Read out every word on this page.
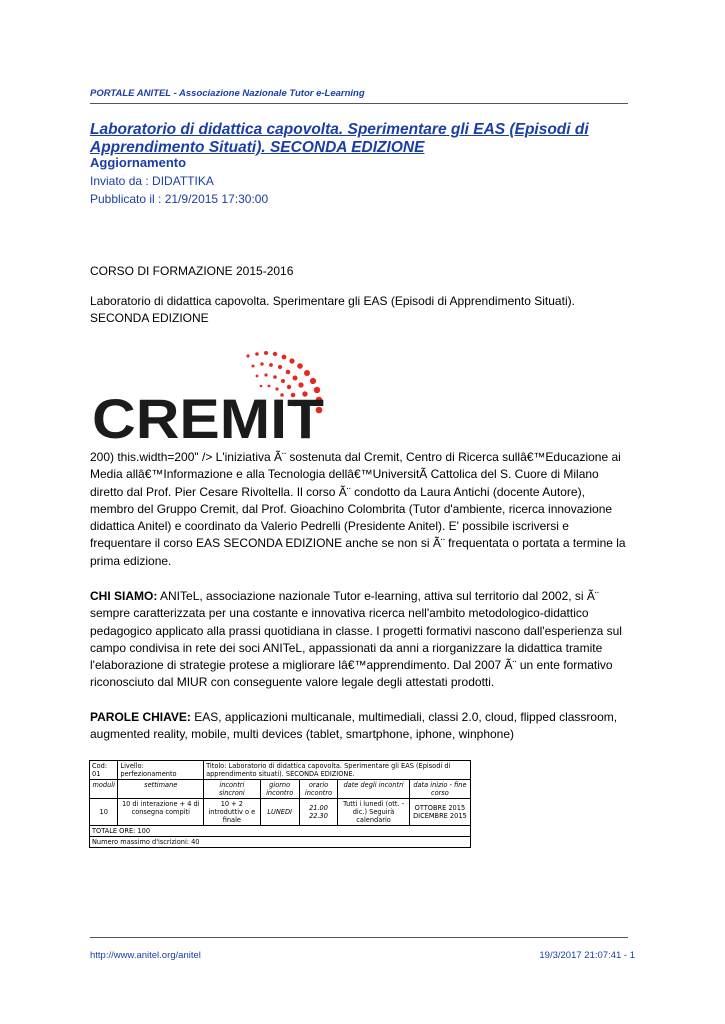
PORTALE ANITEL - Associazione Nazionale Tutor e-Learning
Laboratorio di didattica capovolta. Sperimentare gli EAS (Episodi di Apprendimento Situati). SECONDA EDIZIONE
Aggiornamento
Inviato da : DIDATTIKA
Pubblicato il : 21/9/2015 17:30:00
CORSO DI FORMAZIONE 2015-2016
Laboratorio di didattica capovolta. Sperimentare gli EAS (Episodi di Apprendimento Situati).
SECONDA EDIZIONE
CREMIT
200) this.width=200" /> L'iniziativa Ã¨ sostenuta dal Cremit, Centro di Ricerca sullâ€™Educazione ai Media allâ€™Informazione e alla Tecnologia dellâ€™UniversitÃ Cattolica del S. Cuore di Milano diretto dal Prof. Pier Cesare Rivoltella. Il corso Ã¨ condotto da Laura Antichi (docente Autore), membro del Gruppo Cremit, dal Prof. Gioachino Colombrita (Tutor d'ambiente, ricerca innovazione didattica Anitel) e coordinato da Valerio Pedrelli (Presidente Anitel). E' possibile iscriversi e frequentare il corso EAS SECONDA EDIZIONE anche se non si Ã¨ frequentata o portata a termine la prima edizione.
CHI SIAMO: ANITeL, associazione nazionale Tutor e-learning, attiva sul territorio dal 2002, si Ã¨ sempre caratterizzata per una costante e innovativa ricerca nell'ambito metodologico-didattico pedagogico applicato alla prassi quotidiana in classe. I progetti formativi nascono dall'esperienza sul campo condivisa in rete dei soci ANITeL, appassionati da anni a riorganizzare la didattica tramite l'elaborazione di strategie protese a migliorare lâ€™apprendimento. Dal 2007 Ã¨ un ente formativo riconosciuto dal MIUR con conseguente valore legale degli attestati prodotti.
PAROLE CHIAVE: EAS, applicazioni multicanale, multimediali, classi 2.0, cloud, flipped classroom, augmented reality, mobile, multi devices (tablet, smartphone, iphone, winphone)
Cod: 01	Livello: perfezionamento	Titolo: Laboratorio di didattica capovolta. Sperimentare gli EAS (Episodi di apprendimento situati). SECONDA EDIZIONE.				
moduli	settimane	incontri sincroni	giorno incontro	orario incontro	date degli incontri	data inizio - fine corso
10	10 di interazione + 4 di consegna compiti	10 + 2 introduttiv o e finale	LUNEDI	21.00 22.30	Tutti i lunedì (ott. - dic.) Seguirà calendario	OTTOBRE 2015 DICEMBRE 2015
TOTALE ORE: 100						
Numero massimo d'iscrizioni: 40						
http://www.anitel.org/anitel	19/3/2017 21:07:41 - 1
